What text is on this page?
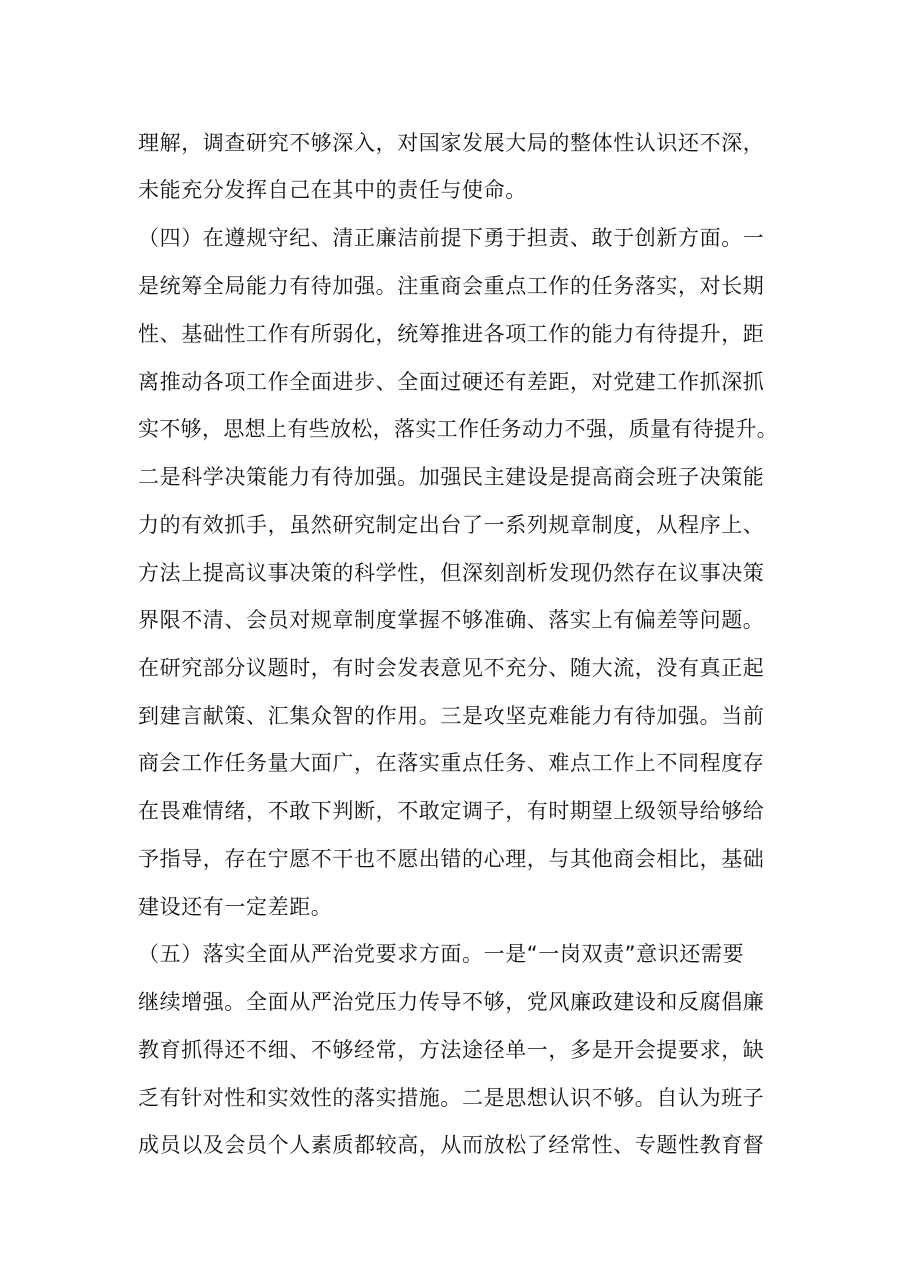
理解，调查研究不够深入，对国家发展大局的整体性认识还不深，
未能充分发挥自己在其中的责任与使命。
（四）在遵规守纪、清正廉洁前提下勇于担责、敢于创新方面。一
是统筹全局能力有待加强。注重商会重点工作的任务落实，对长期
性、基础性工作有所弱化，统筹推进各项工作的能力有待提升，距
离推动各项工作全面进步、全面过硬还有差距，对党建工作抓深抓
实不够，思想上有些放松，落实工作任务动力不强，质量有待提升。
二是科学决策能力有待加强。加强民主建设是提高商会班子决策能
力的有效抓手，虽然研究制定出台了一系列规章制度，从程序上、
方法上提高议事决策的科学性，但深刻剖析发现仍然存在议事决策
界限不清、会员对规章制度掌握不够准确、落实上有偏差等问题。
在研究部分议题时，有时会发表意见不充分、随大流，没有真正起
到建言献策、汇集众智的作用。三是攻坚克难能力有待加强。当前
商会工作任务量大面广，在落实重点任务、难点工作上不同程度存
在畏难情绪，不敢下判断，不敢定调子，有时期望上级领导给够给
予指导，存在宁愿不干也不愿出错的心理，与其他商会相比，基础
建设还有一定差距。
（五）落实全面从严治党要求方面。一是“一岗双责”意识还需要
继续增强。全面从严治党压力传导不够，党风廉政建设和反腐倡廉
教育抓得还不细、不够经常，方法途径单一，多是开会提要求，缺
乏有针对性和实效性的落实措施。二是思想认识不够。自认为班子
成员以及会员个人素质都较高，从而放松了经常性、专题性教育督
